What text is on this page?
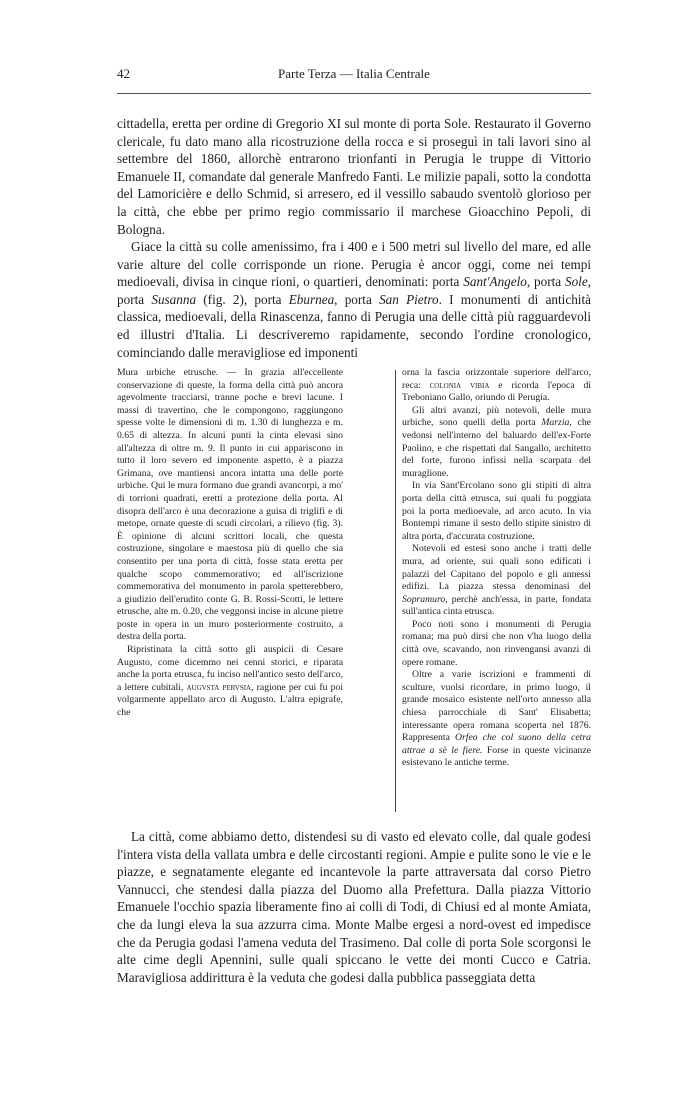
42	Parte Terza — Italia Centrale

cittadella, eretta per ordine di Gregorio XI sul monte di porta Sole. Restaurato il Governo clericale, fu dato mano alla ricostruzione della rocca e si proseguì in tali lavori sino al settembre del 1860, allorchè entrarono trionfanti in Perugia le truppe di Vittorio Emanuele II, comandate dal generale Manfredo Fanti. Le milizie papali, sotto la condotta del Lamoricière e dello Schmid, si arresero, ed il vessillo sabaudo sventolò glorioso per la città, che ebbe per primo regio commissario il marchese Gioacchino Pepoli, di Bologna.

Giace la città su colle amenissimo, fra i 400 e i 500 metri sul livello del mare, ed alle varie alture del colle corrisponde un rione. Perugia è ancor oggi, come nei tempi medioevali, divisa in cinque rioni, o quartieri, denominati: porta Sant'Angelo, porta Sole, porta Susanna (fig. 2), porta Eburnea, porta San Pietro. I monumenti di antichità classica, medioevali, della Rinascenza, fanno di Perugia una delle città più ragguardevoli ed illustri d'Italia. Li descriveremo rapidamente, secondo l'ordine cronologico, cominciando dalle meravigliose ed imponenti

Mura urbiche etrusche. — In grazia all'eccellente conservazione di queste, la forma della città può ancora agevolmente tracciarsi, tranne poche e brevi lacune. I massi di travertino, che le compongono, raggiungono spesse volte le dimensioni di m. 1.30 di lunghezza e m. 0.65 di altezza. In alcuni punti la cinta elevasi sino all'altezza di oltre m. 9. Il punto in cui appariscono in tutto il loro severo ed imponente aspetto, è a piazza Grimana, ove mantiensi ancora intatta una delle porte urbiche. Qui le mura formano due grandi avancorpi, a mo' di torrioni quadrati, eretti a protezione della porta. Al disopra dell'arco è una decorazione a guisa di triglifi e di metope, ornate queste di scudi circolari, a rilievo (fig. 3). È opinione di alcuni scrittori locali, che questa costruzione, singolare e maestosa più di quello che sia consentito per una porta di città, fosse stata eretta per qualche scopo commemorativo; ed all'iscrizione commemorativa del monumento in parola spetterebbero, a giudizio dell'erudito conte G. B. Rossi-Scotti, le lettere etrusche, alte m. 0.20, che veggonsi incise in alcune pietre poste in opera in un muro posteriormente costruito, a destra della porta.

Ripristinata la città sotto gli auspicii di Cesare Augusto, come dicemmo nei cenni storici, e riparata anche la porta etrusca, fu inciso nell'antico sesto dell'arco, a lettere cubitali, augvsta pervsia, ragione per cui fu poi volgarmente appellato arco di Augusto. L'altra epigrafe, che

orna la fascia orizzontale superiore dell'arco, reca: colonia vibia e ricorda l'epoca di Treboniano Gallo, oriundo di Perugia.

Gli altri avanzi, più notevoli, delle mura urbiche, sono quelli della porta Marzia, che vedonsi nell'interno del baluardo dell'ex-Forte Paolino, e che rispettati dal Sangallo, architetto del forte, furono infissi nella scarpata del muraglione.

In via Sant'Ercolano sono gli stipiti di altra porta della città etrusca, sui quali fu poggiata poi la porta medioevale, ad arco acuto. In via Bontempi rimane il sesto dello stipite sinistro di altra porta, d'accurata costruzione.

Notevoli ed estesi sono anche i tratti delle mura, ad oriente, sui quali sono edificati i palazzi del Capitano del popolo e gli annessi edifizi. La piazza stessa denominasi del Sopramuro, perchè anch'essa, in parte, fondata sull'antica cinta etrusca.

Poco noti sono i monumenti di Perugia romana; ma può dirsi che non v'ha luogo della città ove, scavando, non rinvengansi avanzi di opere romane.

Oltre a varie iscrizioni e frammenti di sculture, vuolsi ricordare, in primo luogo, il grande mosaico esistente nell'orto annesso alla chiesa parrocchiale di Sant' Elisabetta; interessante opera romana scoperta nel 1876. Rappresenta Orfeo che col suono della cetra attrae a sè le fiere. Forse in queste vicinanze esistevano le antiche terme.

La città, come abbiamo detto, distendesi su di vasto ed elevato colle, dal quale godesi l'intera vista della vallata umbra e delle circostanti regioni. Ampie e pulite sono le vie e le piazze, e segnatamente elegante ed incantevole la parte attraversata dal corso Pietro Vannucci, che stendesi dalla piazza del Duomo alla Prefettura. Dalla piazza Vittorio Emanuele l'occhio spazia liberamente fino ai colli di Todi, di Chiusi ed al monte Amiata, che da lungi eleva la sua azzurra cima. Monte Malbe ergesi a nord-ovest ed impedisce che da Perugia godasi l'amena veduta del Trasimeno. Dal colle di porta Sole scorgonsi le alte cime degli Apennini, sulle quali spiccano le vette dei monti Cucco e Catria. Maravigliosa addirittura è la veduta che godesi dalla pubblica passeggiata detta
